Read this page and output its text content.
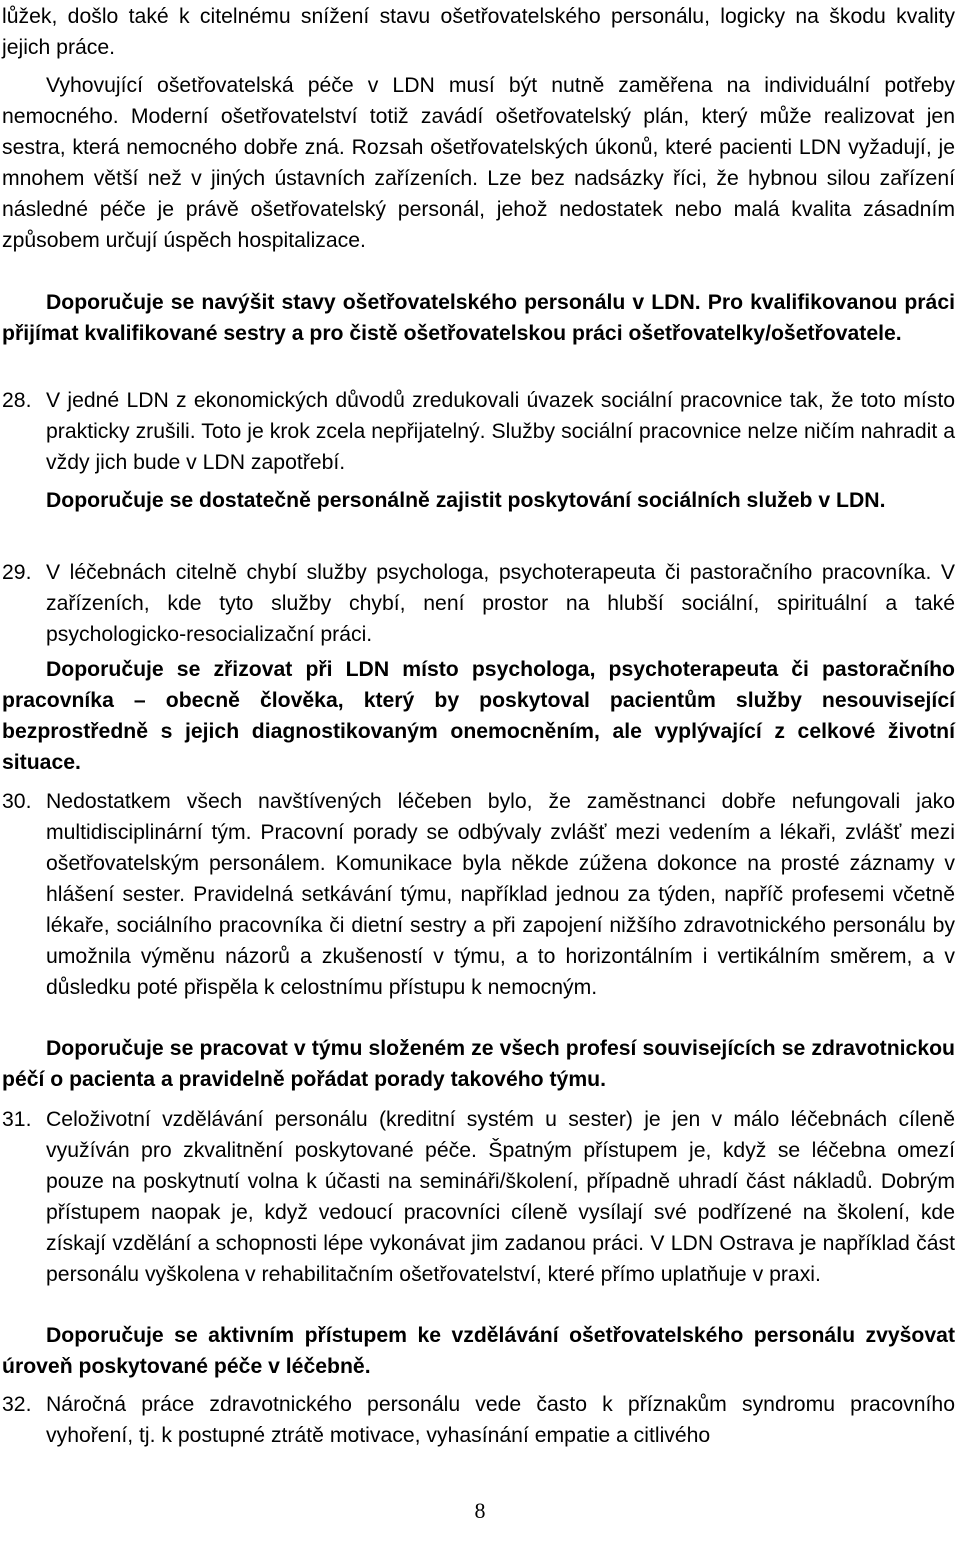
lůžek, došlo také k citelnému snížení stavu ošetřovatelského personálu, logicky na škodu kvality jejich práce.

Vyhovující ošetřovatelská péče v LDN musí být nutně zaměřena na individuální potřeby nemocného. Moderní ošetřovatelství totiž zavádí ošetřovatelský plán, který může realizovat jen sestra, která nemocného dobře zná. Rozsah ošetřovatelských úkonů, které pacienti LDN vyžadují, je mnohem větší než v jiných ústavních zařízeních. Lze bez nadsázky říci, že hybnou silou zařízení následné péče je právě ošetřovatelský personál, jehož nedostatek nebo malá kvalita zásadním způsobem určují úspěch hospitalizace.

Doporučuje se navýšit stavy ošetřovatelského personálu v LDN. Pro kvalifikovanou práci přijímat kvalifikované sestry a pro čistě ošetřovatelskou práci ošetřovatelky/ošetřovatele.

28. V jedné LDN z ekonomických důvodů zredukovali úvazek sociální pracovnice tak, že toto místo prakticky zrušili. Toto je krok zcela nepřijatelný. Služby sociální pracovnice nelze ničím nahradit a vždy jich bude v LDN zapotřebí.

Doporučuje se dostatečně personálně zajistit poskytování sociálních služeb v LDN.

29. V léčebnách citelně chybí služby psychologa, psychoterapeuta či pastoračního pracovníka. V zařízeních, kde tyto služby chybí, není prostor na hlubší sociální, spirituální a také psychologicko-resocializační práci.

Doporučuje se zřizovat při LDN místo psychologa, psychoterapeuta či pastoračního pracovníka – obecně člověka, který by poskytoval pacientům služby nesouvisející bezprostředně s jejich diagnostikovaným onemocněním, ale vyplývající z celkové životní situace.

30. Nedostatkem všech navštívených léčeben bylo, že zaměstnanci dobře nefungovali jako multidisciplinární tým. Pracovní porady se odbývaly zvlášť mezi vedením a lékaři, zvlášť mezi ošetřovatelským personálem. Komunikace byla někde zúžena dokonce na prosté záznamy v hlášení sester. Pravidelná setkávání týmu, například jednou za týden, napříč profesemi včetně lékaře, sociálního pracovníka či dietní sestry a při zapojení nižšího zdravotnického personálu by umožnila výměnu názorů a zkušeností v týmu, a to horizontálním i vertikálním směrem, a v důsledku poté přispěla k celostnímu přístupu k nemocným.

Doporučuje se pracovat v týmu složeném ze všech profesí souvisejících se zdravotnickou péčí o pacienta a pravidelně pořádat porady takového týmu.

31. Celoživotní vzdělávání personálu (kreditní systém u sester) je jen v málo léčebnách cíleně využíván pro zkvalitnění poskytované péče. Špatným přístupem je, když se léčebna omezí pouze na poskytnutí volna k účasti na semináři/školení, případně uhradí část nákladů. Dobrým přístupem naopak je, když vedoucí pracovníci cíleně vysílají své podřízené na školení, kde získají vzdělání a schopnosti lépe vykonávat jim zadanou práci. V LDN Ostrava je například část personálu vyškolena v rehabilitačním ošetřovatelství, které přímo uplatňuje v praxi.

Doporučuje se aktivním přístupem ke vzdělávání ošetřovatelského personálu zvyšovat úroveň poskytované péče v léčebně.

32. Náročná práce zdravotnického personálu vede často k příznakům syndromu pracovního vyhoření, tj. k postupné ztrátě motivace, vyhasínání empatie a citlivého
8
